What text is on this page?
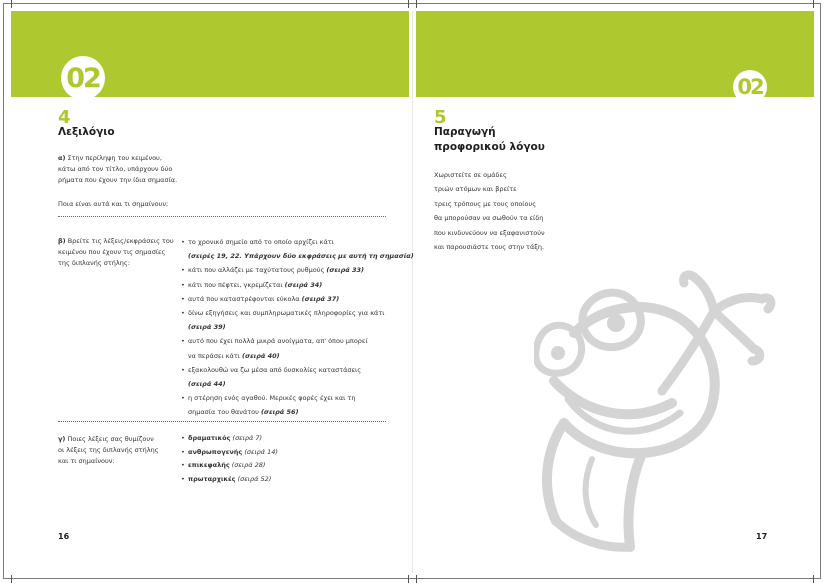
02	02
4
Λεξιλόγιο
α) Στην περίληψη του κειμένου,
κάτω από τον τίτλο, υπάρχουν δύο
ρήματα που έχουν την ίδια σημασία.
Ποια είναι αυτά και τι σημαίνουν;
β) Βρείτε τις λέξεις/εκφράσεις του
κειμένου που έχουν τις σημασίες
της διπλανής στήλης:
• το χρονικό σημείο από το οποίο αρχίζει κάτι
(σειρές 19, 22. Υπάρχουν δύο εκφράσεις με αυτή τη σημασία)
• κάτι που αλλάζει με ταχύτατους ρυθμούς (σειρά 33)
• κάτι που πέφτει, γκρεμίζεται (σειρά 34)
• αυτά που καταστρέφονται εύκολα (σειρά 37)
• δίνω εξηγήσεις και συμπληρωματικές πληροφορίες για κάτι
(σειρά 39)
• αυτό που έχει πολλά μικρά ανοίγματα, απ' όπου μπορεί
να περάσει κάτι (σειρά 40)
• εξακολουθώ να ζω μέσα από δυσκολίες καταστάσεις
(σειρά 44)
• η στέρηση ενός αγαθού. Μερικές φορές έχει και τη
σημασία του θανάτου (σειρά 56)
γ) Ποιες λέξεις σας θυμίζουν
οι λέξεις της διπλανής στήλης
και τι σημαίνουν:
• δραματικός (σειρά 7)
• ανθρωπογενής (σειρά 14)
• επικεφαλής (σειρά 28)
• πρωταρχικές (σειρά 52)
16
5
Παραγωγή
προφορικού λόγου
Χωριστείτε σε ομάδες
τριών ατόμων και βρείτε
τρεις τρόπους με τους οποίους
θα μπορούσαν να σωθούν τα είδη
που κινδυνεύουν να εξαφανιστούν
και παρουσιάστε τους στην τάξη.
17
